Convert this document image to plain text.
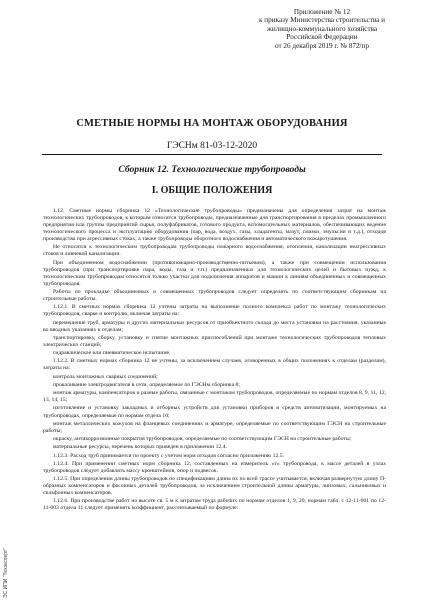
Приложение № 12
к приказу Министерства строительства и
жилищно-коммунального хозяйства
Российской Федерации
от 26 декабря 2019 г. № 872/пр
СМЕТНЫЕ НОРМЫ НА МОНТАЖ ОБОРУДОВАНИЯ
ГЭСНм 81-03-12-2020
Сборник 12. Технологические трубопроводы
I. ОБЩИЕ ПОЛОЖЕНИЯ

1.12. Сметные нормы сборника 12 «Технологические трубопроводы» предназначены для определения затрат на монтаж технологических трубопроводов, к которым относятся трубопроводы, предназначенные для транспортирования в пределах промышленного предприятия или группы предприятий сырья, полуфабрикатов, готового продукта, вспомогательных материалов, обеспечивающих ведение технологического процесса и эксплуатацию оборудования (пар, вода, воздух, газы, хладагенты, мазут, смазки, эмульсии и т.д.), отходов производства при агрессивных стоках, а также трубопроводы оборотного водоснабжения и автоматического пожаротушения.

Не относятся к технологическим трубопроводам трубопроводы пожарного водоснабжения, отопления, канализации неагрессивных стоков и ливневой канализации.

При объединенном водоснабжении (противопожарно-производственно-питьевом), а также при совмещении использования трубопроводов (при транспортировке пара, воды, газа и т.п.) предназначенных для технологических целей и бытовых нужд, к технологическим трубопроводам относятся только участки для подключения аппаратов и машин к линиям объединенных и совмещенных трубопроводов.

Работы по прокладке объединенных и совмещенных трубопроводов следует определять по соответствующим сборникам на строительные работы.

1.12.1. В сметных нормах сборника 12 учтены затраты на выполнение полного комплекса работ по монтажу технологических трубопроводов, сварке и контролю, включая затраты на:

перемещение труб, арматуры и других материальных ресурсов от приобъектного склада до места установки на расстояния, указанные во вводных указаниях к отделам;

транспортировку, сборку, установку и снятие монтажных приспособлений при монтаже технологических трубопроводов тепловых электрических станций;

гидравлическое или пневматическое испытание.

1.12.2. В сметных нормах сборника 12 не учтены, за исключением случаев, оговоренных в общих положениях к отделам (разделам), затраты на:

контроль монтажных сварных соединений;

прокаливание электродвигателя в сети, определяемое по ГЭСНм сборника 8;

монтаж арматуры, компенсаторов и разные работы, связанные с монтажом трубопроводов, определяемые по нормам отделов 8, 9, 11, 12, 13, 14, 15;

изготовление и установку закладных и отборных устройств для установки приборов и средств автоматизации, монтируемых на трубопроводах, определяемые по нормам отдела 10;

монтаж металлических кожухов на фланцевых соединениях и арматуре, определяемые по соответствующим ГЭСН на строительные работы;

окраску, антикоррозионные покрытия трубопроводов, определяемые по соответствующим ГЭСН на строительные работы;

материальные ресурсы, перечень которых приведен в приложении 12.4.

1.12.3. Расход труб принимается по проекту с учетом норм отходов согласно приложению 12.5.

1.12.4. При применении сметных норм сборника 12, составленных на измеритель «т» трубопровода, к массе деталей в узлах трубопроводов следует добавлять массу кронштейнов, опор и подвесок.

1.12.5. При определении длины трубопроводов по спецификациям длина их по всей трассе учитывается, включая развернутую длину П-образных компенсаторов и фасонных деталей трубопроводов, за исключением строительной длины арматуры, линзовых, сальниковых и сильфонных компенсаторов.

1.12.6. При производстве работ на высоте св. 5 м к затратам труда рабочих по нормам отделов 1, 9, 20, нормам табл. с 12-11-001 по 12-11-003 отдела 11 следует применять коэффициент, рассчитываемый по формуле:

ЭС ИПИ "Техэксперт"
